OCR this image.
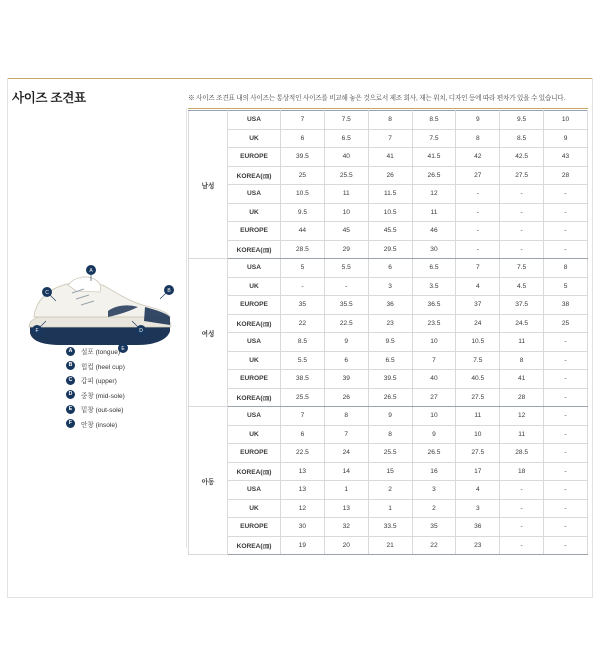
사이즈 조견표	※ 사이즈 조견표 내의 사이즈는 통상적인 사이즈를 비교해 놓은 것으로서 제조 회사, 재는 위치, 디자인 등에 따라 편차가 있을 수 있습니다.
A
B
C
D
E
F
A	설포 (tongue)
B	힙컵 (heel cup)
C	갑피 (upper)
D	중창 (mid-sole)
E	밑창 (out-sole)
F	안창 (insole)
남성	USA	7	7.5	8	8.5	9	9.5	10
	UK	6	6.5	7	7.5	8	8.5	9
	EUROPE	39.5	40	41	41.5	42	42.5	43
	KOREA(㎝)	25	25.5	26	26.5	27	27.5	28
	USA	10.5	11	11.5	12	-	-	-
	UK	9.5	10	10.5	11	-	-	-
	EUROPE	44	45	45.5	46	-	-	-
	KOREA(㎝)	28.5	29	29.5	30	-	-	-
여성	USA	5	5.5	6	6.5	7	7.5	8
	UK	-	-	3	3.5	4	4.5	5
	EUROPE	35	35.5	36	36.5	37	37.5	38
	KOREA(㎝)	22	22.5	23	23.5	24	24.5	25
	USA	8.5	9	9.5	10	10.5	11	-
	UK	5.5	6	6.5	7	7.5	8	-
	EUROPE	38.5	39	39.5	40	40.5	41	-
	KOREA(㎝)	25.5	26	26.5	27	27.5	28	-
아동	USA	7	8	9	10	11	12	-
	UK	6	7	8	9	10	11	-
	EUROPE	22.5	24	25.5	26.5	27.5	28.5	-
	KOREA(㎝)	13	14	15	16	17	18	-
	USA	13	1	2	3	4	-	-
	UK	12	13	1	2	3	-	-
	EUROPE	30	32	33.5	35	36	-	-
	KOREA(㎝)	19	20	21	22	23	-	-
